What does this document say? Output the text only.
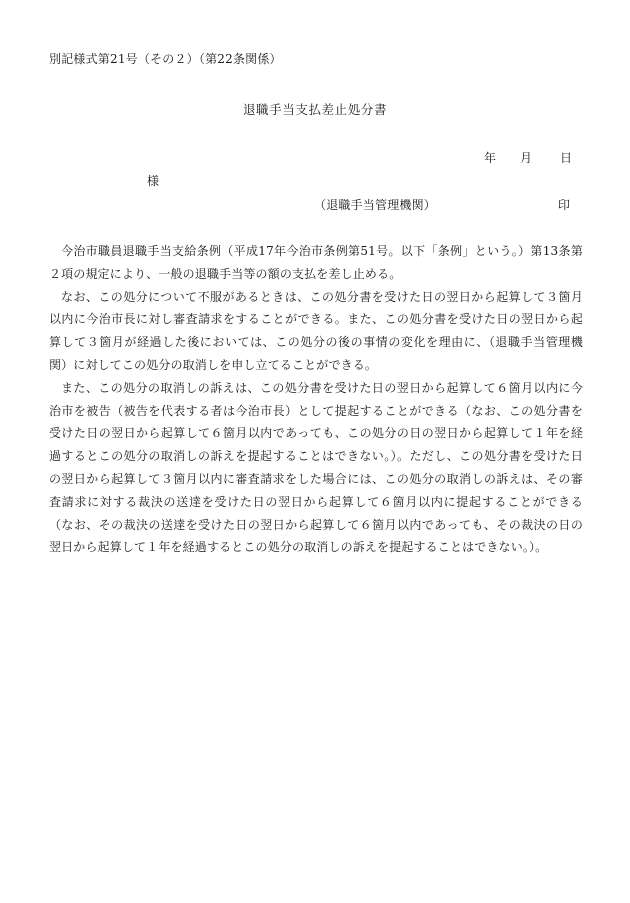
別記様式第21号（その２）（第22条関係）
退職手当支払差止処分書
年 月 日
様
（退職手当管理機関）	印

今治市職員退職手当支給条例（平成17年今治市条例第51号。以下「条例」という。）第13条第２項の規定により、一般の退職手当等の額の支払を差し止める。

なお、この処分について不服があるときは、この処分書を受けた日の翌日から起算して３箇月以内に今治市長に対し審査請求をすることができる。また、この処分書を受けた日の翌日から起算して３箇月が経過した後においては、この処分の後の事情の変化を理由に、（退職手当管理機関）に対してこの処分の取消しを申し立てることができる。

また、この処分の取消しの訴えは、この処分書を受けた日の翌日から起算して６箇月以内に今治市を被告（被告を代表する者は今治市長）として提起することができる（なお、この処分書を受けた日の翌日から起算して６箇月以内であっても、この処分の日の翌日から起算して１年を経過するとこの処分の取消しの訴えを提起することはできない。）。ただし、この処分書を受けた日の翌日から起算して３箇月以内に審査請求をした場合には、この処分の取消しの訴えは、その審査請求に対する裁決の送達を受けた日の翌日から起算して６箇月以内に提起することができる（なお、その裁決の送達を受けた日の翌日から起算して６箇月以内であっても、その裁決の日の翌日から起算して１年を経過するとこの処分の取消しの訴えを提起することはできない。）。
